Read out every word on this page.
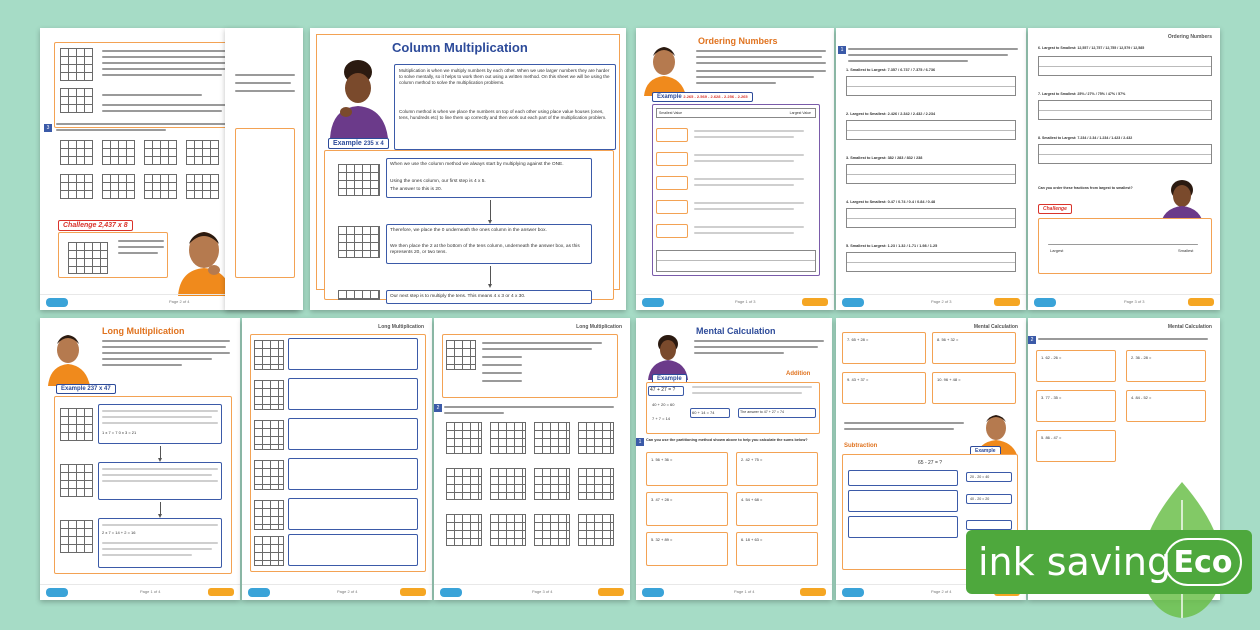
3
Challenge 2,437 x 8
Page 2 of 4
Column Multiplication
Multiplication is when we multiply numbers by each other. When we use larger numbers they are harder to solve mentally, so it helps to work them out using a written method. On this sheet we will be using the column method to solve the multiplication problems.
Column method is when we place the numbers on top of each other using place value houses (ones, tens, hundreds etc) to line them up correctly and then work out each part of the multiplication problem.
Example 235 x 4
When we use the column method we always start by multiplying against the ONE.
Using the ones column, our first step is 4 x 5.
The answer to this is 20.
Therefore, we place the 0 underneath the ones column in the answer box.
We then place the 2 at the bottom of the tens column, underneath the answer box, as this represents 20, or two tens.
Our next step is to multiply the tens. This means 4 x 3 or 4 x 30.
Ordering Numbers
Example 2.265 - 2.569 - 2.628 - 2.256 - 2.265
Smallest Value	Largest Value
Page 1 of 3
1
1. Smallest to Largest: 7.357 / 6.737 / 7.375 / 6.736
2. Largest to Smallest: 2.426 / 2.342 / 2.432 / 2.234
3. Smallest to Largest: 382 / 283 / 832 / 238
4. Largest to Smallest: 0.47 / 0.74 / 0.4 / 0.84 / 0.48
5. Smallest to Largest: 1.23 / 1.32 / 1.71 / 1.98 / 1.25
Page 2 of 3
Ordering Numbers
6. Largest to Smallest: 12,557 / 12,757 / 12,755 / 12,579 / 12,585
7. Largest to Smallest: 25% / 27% / 75% / 47% / 57%
8. Smallest to Largest: 7.234 / 2.34 / 1.234 / 1.423 / 2.432
Can you order these fractions from largest to smallest?
Challenge
Largest	Smallest
Page 3 of 3
Long Multiplication
Example 237 x 47
1 x 7 = 7 0 x 3 = 21
2 x 7 = 14 + 2 = 16
Page 1 of 4
Long Multiplication
Page 2 of 4
Long Multiplication
2
Page 3 of 4
Mental Calculation
Addition
Example
47 + 27 = ?
40 + 20 = 60
7 + 7 = 14
60 + 14 = 74	The answer to 47 + 27 = 74
1	Can you use the partitioning method shown above to help you calculate the sums below?
1. 56 + 36 =	2. 42 + 75 =
3. 47 + 28 =	4. 54 + 68 =
5. 32 + 89 =	6. 18 + 63 =
Page 1 of 4
Mental Calculation
7. 65 + 28 =	8. 56 + 32 =
9. 43 + 37 =	10. 96 + 48 =
Subtraction
Example
65 - 27 = ?
20 - 20 = 40
40 - 20 = 20
Page 2 of 4
Mental Calculation
2
1. 62 - 26 =	2. 36 - 28 =
3. 77 - 35 =	4. 84 - 52 =
5. 86 - 47 =
ink saving Eco
